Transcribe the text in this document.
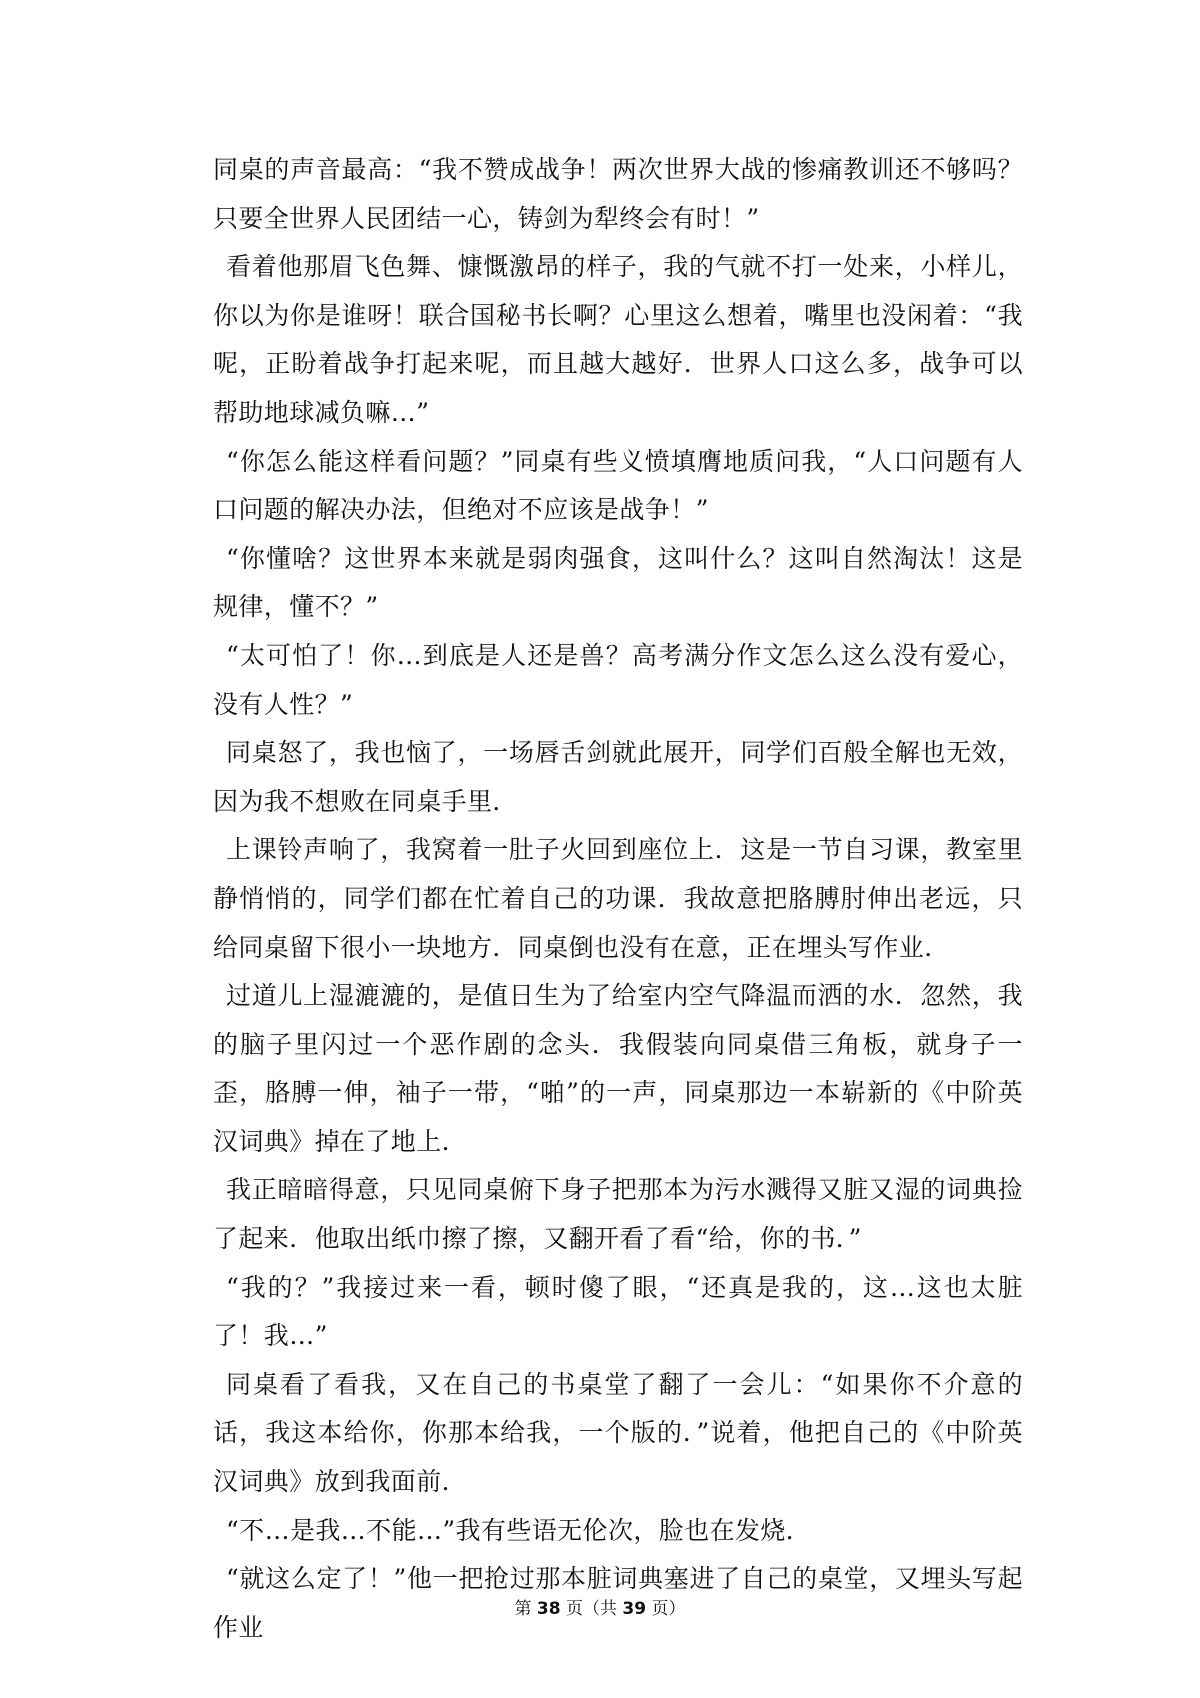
同桌的声音最高：“我不赞成战争！两次世界大战的惨痛教训还不够吗？只要全世界人民团结一心，铸剑为犁终会有时！”

看着他那眉飞色舞、慷慨激昂的样子，我的气就不打一处来，小样儿，你以为你是谁呀！联合国秘书长啊？心里这么想着，嘴里也没闲着：“我呢，正盼着战争打起来呢，而且越大越好．世界人口这么多，战争可以帮助地球减负嘛…”

“你怎么能这样看问题？”同桌有些义愤填膺地质问我，“人口问题有人口问题的解决办法，但绝对不应该是战争！”

“你懂啥？这世界本来就是弱肉强食，这叫什么？这叫自然淘汰！这是规律，懂不？”

“太可怕了！你…到底是人还是兽？高考满分作文怎么这么没有爱心，没有人性？”

同桌怒了，我也恼了，一场唇舌剑就此展开，同学们百般全解也无效，因为我不想败在同桌手里．

上课铃声响了，我窝着一肚子火回到座位上．这是一节自习课，教室里静悄悄的，同学们都在忙着自己的功课．我故意把胳膊肘伸出老远，只给同桌留下很小一块地方．同桌倒也没有在意，正在埋头写作业．

过道儿上湿漉漉的，是值日生为了给室内空气降温而洒的水．忽然，我的脑子里闪过一个恶作剧的念头．我假装向同桌借三角板，就身子一歪，胳膊一伸，袖子一带，“啪”的一声，同桌那边一本崭新的《中阶英汉词典》掉在了地上．

我正暗暗得意，只见同桌俯下身子把那本为污水溅得又脏又湿的词典捡了起来．他取出纸巾擦了擦，又翻开看了看“给，你的书．”

“我的？”我接过来一看，顿时傻了眼，“还真是我的，这…这也太脏了！我…”

同桌看了看我，又在自己的书桌堂了翻了一会儿：“如果你不介意的话，我这本给你，你那本给我，一个版的．”说着，他把自己的《中阶英汉词典》放到我面前．

“不…是我…不能…”我有些语无伦次，脸也在发烧．

“就这么定了！”他一把抢过那本脏词典塞进了自己的桌堂，又埋头写起作业

第 38 页（共 39 页）
